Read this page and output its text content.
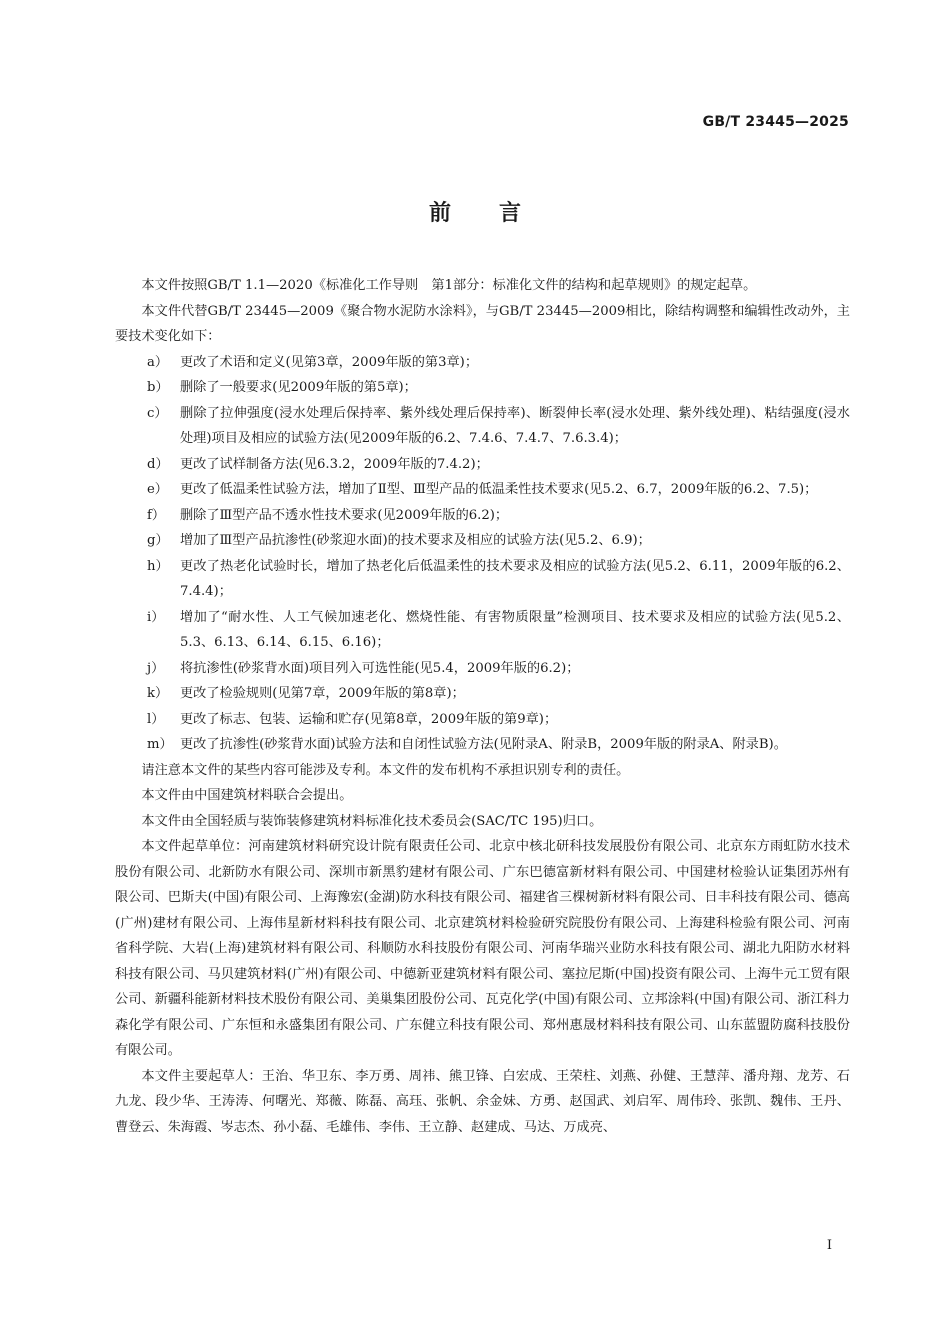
GB/T 23445—2025
前言

本文件按照GB/T 1.1—2020《标准化工作导则　第1部分：标准化文件的结构和起草规则》的规定起草。

本文件代替GB/T 23445—2009《聚合物水泥防水涂料》，与GB/T 23445—2009相比，除结构调整和编辑性改动外，主要技术变化如下：

a） 更改了术语和定义(见第3章，2009年版的第3章)；
b） 删除了一般要求(见2009年版的第5章)；
c） 删除了拉伸强度(浸水处理后保持率、紫外线处理后保持率)、断裂伸长率(浸水处理、紫外线处理)、粘结强度(浸水处理)项目及相应的试验方法(见2009年版的6.2、7.4.6、7.4.7、7.6.3.4)；
d） 更改了试样制备方法(见6.3.2，2009年版的7.4.2)；
e） 更改了低温柔性试验方法，增加了Ⅱ型、Ⅲ型产品的低温柔性技术要求(见5.2、6.7，2009年版的6.2、7.5)；
f） 删除了Ⅲ型产品不透水性技术要求(见2009年版的6.2)；
g） 增加了Ⅲ型产品抗渗性(砂浆迎水面)的技术要求及相应的试验方法(见5.2、6.9)；
h） 更改了热老化试验时长，增加了热老化后低温柔性的技术要求及相应的试验方法(见5.2、6.11，2009年版的6.2、7.4.4)；
i） 增加了“耐水性、人工气候加速老化、燃烧性能、有害物质限量”检测项目、技术要求及相应的试验方法(见5.2、5.3、6.13、6.14、6.15、6.16)；
j） 将抗渗性(砂浆背水面)项目列入可选性能(见5.4，2009年版的6.2)；
k） 更改了检验规则(见第7章，2009年版的第8章)；
l） 更改了标志、包装、运输和贮存(见第8章，2009年版的第9章)；
m） 更改了抗渗性(砂浆背水面)试验方法和自闭性试验方法(见附录A、附录B，2009年版的附录A、附录B)。

请注意本文件的某些内容可能涉及专利。本文件的发布机构不承担识别专利的责任。

本文件由中国建筑材料联合会提出。

本文件由全国轻质与装饰装修建筑材料标准化技术委员会(SAC/TC 195)归口。

本文件起草单位：河南建筑材料研究设计院有限责任公司、北京中核北研科技发展股份有限公司、北京东方雨虹防水技术股份有限公司、北新防水有限公司、深圳市新黑豹建材有限公司、广东巴德富新材料有限公司、中国建材检验认证集团苏州有限公司、巴斯夫(中国)有限公司、上海豫宏(金湖)防水科技有限公司、福建省三棵树新材料有限公司、日丰科技有限公司、德高(广州)建材有限公司、上海伟星新材料科技有限公司、北京建筑材料检验研究院股份有限公司、上海建科检验有限公司、河南省科学院、大岩(上海)建筑材料有限公司、科顺防水科技股份有限公司、河南华瑞兴业防水科技有限公司、湖北九阳防水材料科技有限公司、马贝建筑材料(广州)有限公司、中德新亚建筑材料有限公司、塞拉尼斯(中国)投资有限公司、上海牛元工贸有限公司、新疆科能新材料技术股份有限公司、美巢集团股份公司、瓦克化学(中国)有限公司、立邦涂料(中国)有限公司、浙江科力森化学有限公司、广东恒和永盛集团有限公司、广东健立科技有限公司、郑州惠晟材料科技有限公司、山东蓝盟防腐科技股份有限公司。

本文件主要起草人：王治、华卫东、李万勇、周祎、熊卫锋、白宏成、王荣柱、刘燕、孙健、王慧萍、潘舟翔、龙芳、石九龙、段少华、王涛涛、何曙光、郑薇、陈磊、高珏、张帆、余金妹、方勇、赵国武、刘启军、周伟玲、张凯、魏伟、王丹、曹登云、朱海霞、岑志杰、孙小磊、毛雄伟、李伟、王立静、赵建成、马达、万成亮、

Ⅰ
